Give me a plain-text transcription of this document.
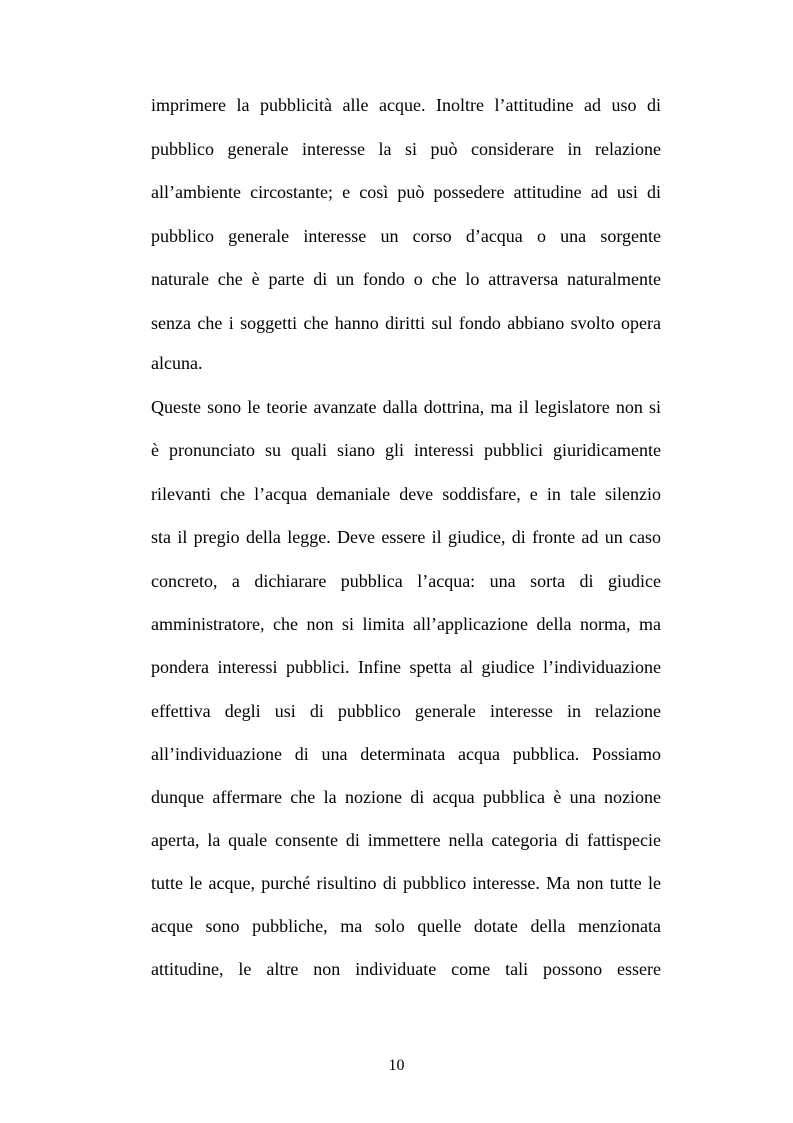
imprimere la pubblicità alle acque. Inoltre l’attitudine ad uso di
pubblico generale interesse la si può considerare in relazione
all’ambiente circostante; e così può possedere attitudine ad usi di
pubblico generale interesse un corso d’acqua o una sorgente
naturale che è parte di un fondo o che lo attraversa naturalmente
senza che i soggetti che hanno diritti sul fondo abbiano svolto opera
alcuna.
Queste sono le teorie avanzate dalla dottrina, ma il legislatore non si
è pronunciato su quali siano gli interessi pubblici giuridicamente
rilevanti che l’acqua demaniale deve soddisfare, e in tale silenzio
sta il pregio della legge. Deve essere il giudice, di fronte ad un caso
concreto, a dichiarare pubblica l’acqua: una sorta di giudice
amministratore, che non si limita all’applicazione della norma, ma
pondera interessi pubblici. Infine spetta al giudice l’individuazione
effettiva degli usi di pubblico generale interesse in relazione
all’individuazione di una determinata acqua pubblica. Possiamo
dunque affermare che la nozione di acqua pubblica è una nozione
aperta, la quale consente di immettere nella categoria di fattispecie
tutte le acque, purché risultino di pubblico interesse. Ma non tutte le
acque sono pubbliche, ma solo quelle dotate della menzionata
attitudine, le altre non individuate come tali possono essere
10
